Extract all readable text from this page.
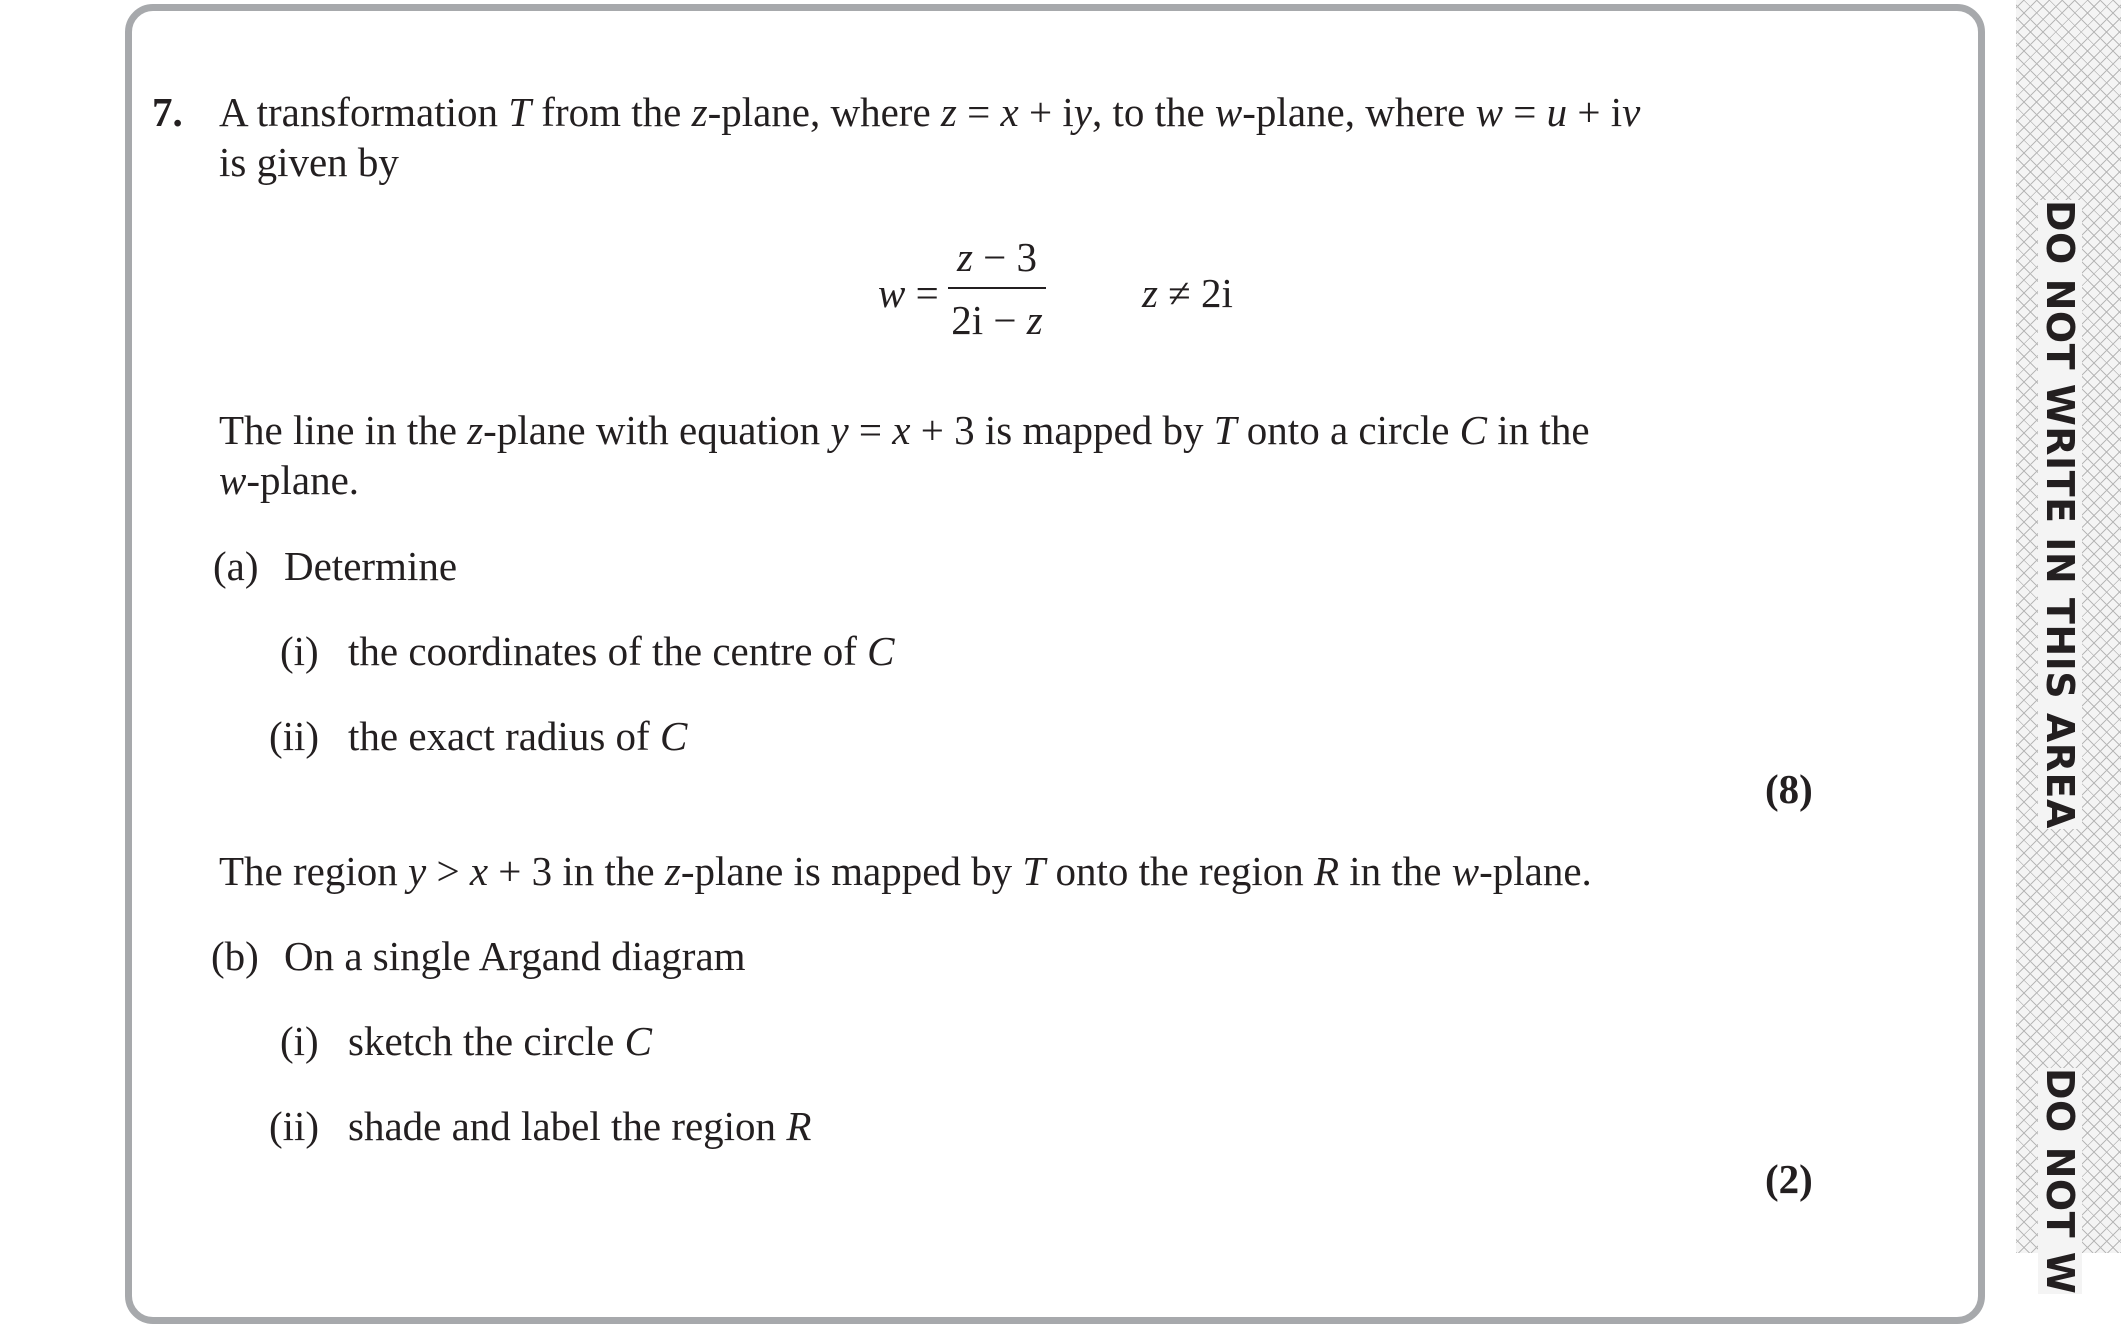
DO NOT WRITE IN THIS AREA
DO NOT W
7. A transformation T from the z-plane, where z = x + iy, to the w-plane, where w = u + iv
is given by
w =
z − 3
2i − z
z ≠ 2i
The line in the z-plane with equation y = x + 3 is mapped by T onto a circle C in the
w-plane.
(a) Determine
(i) the coordinates of the centre of C
(ii) the exact radius of C
(8)
The region y > x + 3 in the z-plane is mapped by T onto the region R in the w-plane.
(b) On a single Argand diagram
(i) sketch the circle C
(ii) shade and label the region R
(2)
